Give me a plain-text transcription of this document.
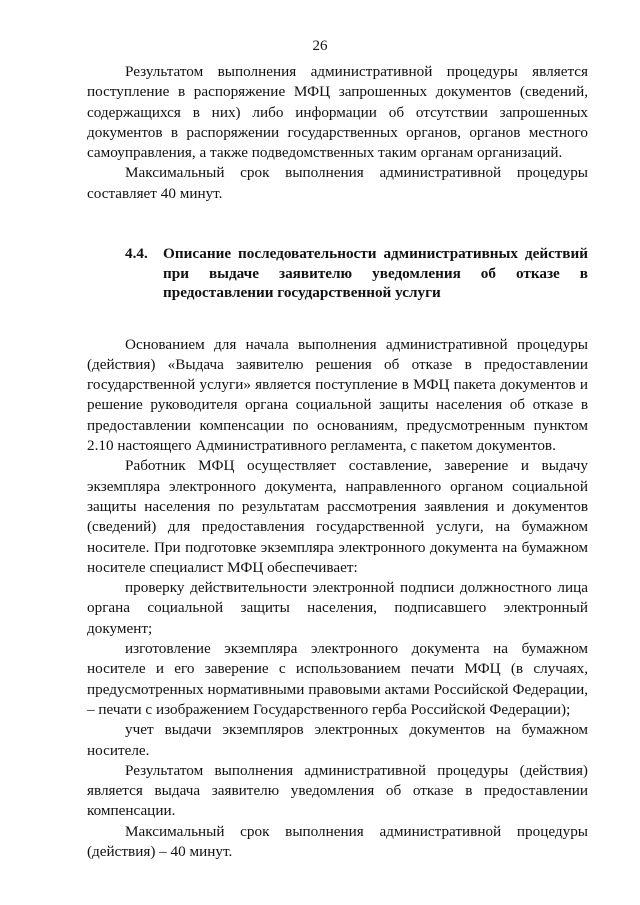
26

Результатом выполнения административной процедуры является поступление в распоряжение МФЦ запрошенных документов (сведений, содержащихся в них) либо информации об отсутствии запрошенных документов в распоряжении государственных органов, органов местного самоуправления, а также подведомственных таким органам организаций.

Максимальный срок выполнения административной процедуры составляет 40 минут.

4.4.	Описание последовательности административных действий при выдаче заявителю уведомления об отказе в предоставлении государственной услуги

Основанием для начала выполнения административной процедуры (действия) «Выдача заявителю решения об отказе в предоставлении государственной услуги» является поступление в МФЦ пакета документов и решение руководителя органа социальной защиты населения об отказе в предоставлении компенсации по основаниям, предусмотренным пунктом 2.10 настоящего Административного регламента, с пакетом документов.

Работник МФЦ осуществляет составление, заверение и выдачу экземпляра электронного документа, направленного органом социальной защиты населения по результатам рассмотрения заявления и документов (сведений) для предоставления государственной услуги, на бумажном носителе. При подготовке экземпляра электронного документа на бумажном носителе специалист МФЦ обеспечивает:

проверку действительности электронной подписи должностного лица органа социальной защиты населения, подписавшего электронный документ;

изготовление экземпляра электронного документа на бумажном носителе и его заверение с использованием печати МФЦ (в случаях, предусмотренных нормативными правовыми актами Российской Федерации, – печати с изображением Государственного герба Российской Федерации);

учет выдачи экземпляров электронных документов на бумажном носителе.

Результатом выполнения административной процедуры (действия) является выдача заявителю уведомления об отказе в предоставлении компенсации.

Максимальный срок выполнения административной процедуры (действия) – 40 минут.
